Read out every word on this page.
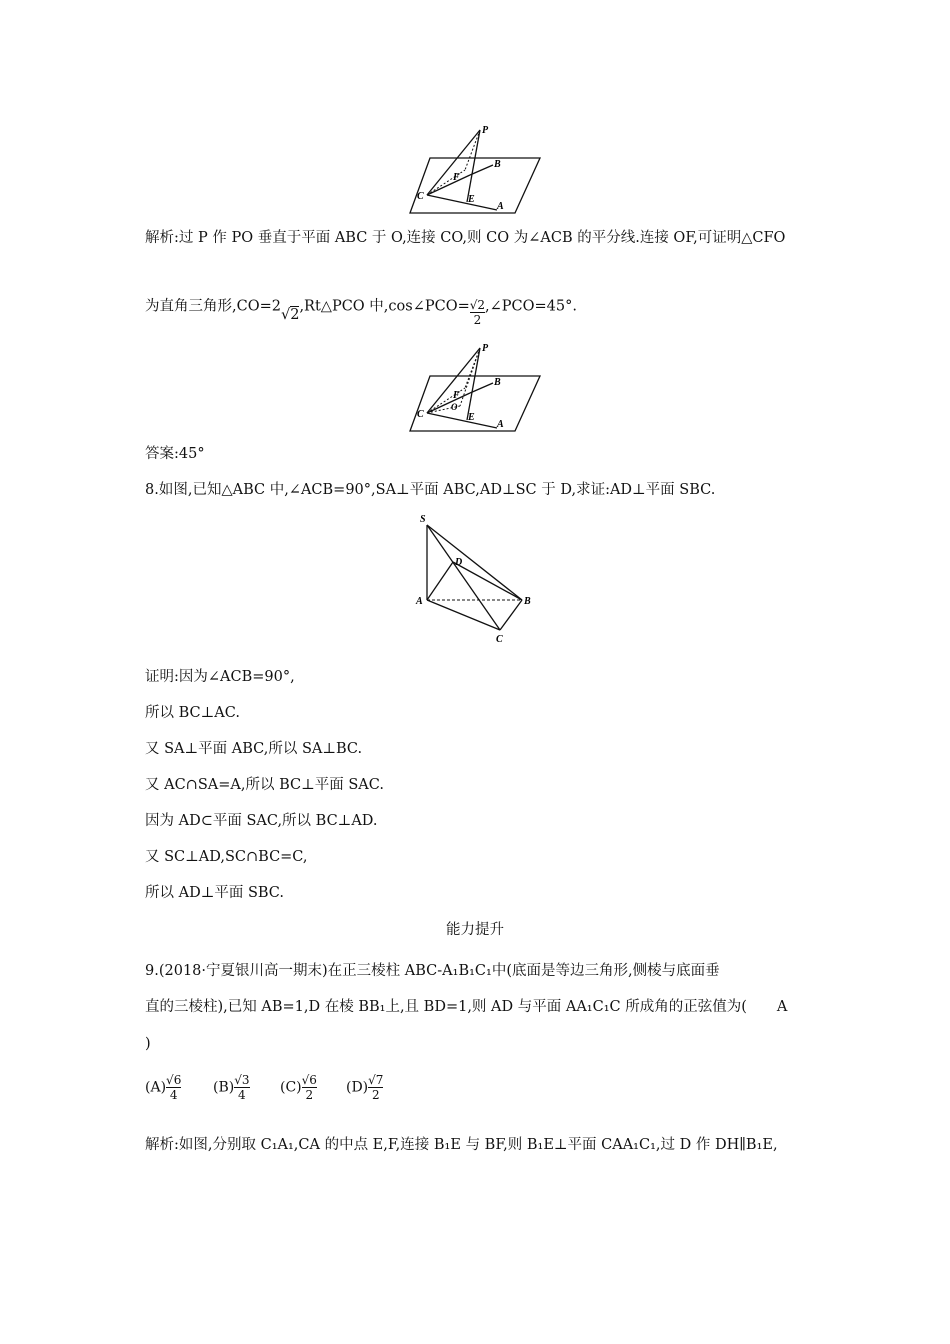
P
B
F
C	E
A
解析:过 P 作 PO 垂直于平面 ABC 于 O,连接 CO,则 CO 为∠ACB 的平分线.连接 OF,可证明△CFO
为直角三角形,CO=2√2,Rt△PCO 中,cos∠PCO= $\frac{√2}{2}$ ,∠PCO=45°.
P
B
F
O
C	E
A
答案:45°
8.如图,已知△ABC 中,∠ACB=90°,SA⊥平面 ABC,AD⊥SC 于 D,求证:AD⊥平面 SBC.
S
D
A	B
C
证明:因为∠ACB=90°,
所以 BC⊥AC.
又 SA⊥平面 ABC,所以 SA⊥BC.
又 AC∩SA=A,所以 BC⊥平面 SAC.
因为 AD⊂平面 SAC,所以 BC⊥AD.
又 SC⊥AD,SC∩BC=C,
所以 AD⊥平面 SBC.
能力提升
9.(2018·宁夏银川高一期末)在正三棱柱 ABC-A₁B₁C₁中(底面是等边三角形,侧棱与底面垂
直的三棱柱),已知 AB=1,D 在棱 BB₁上,且 BD=1,则 AD 与平面 AA₁C₁C 所成角的正弦值为( A
)
$(A) \frac{√6}{4} (B) \frac{√3}{4} (C) \frac{√6}{2} (D) \frac{√7}{2}$
解析:如图,分别取 C₁A₁,CA 的中点 E,F,连接 B₁E 与 BF,则 B₁E⊥平面 CAA₁C₁,过 D 作 DH∥B₁E,
